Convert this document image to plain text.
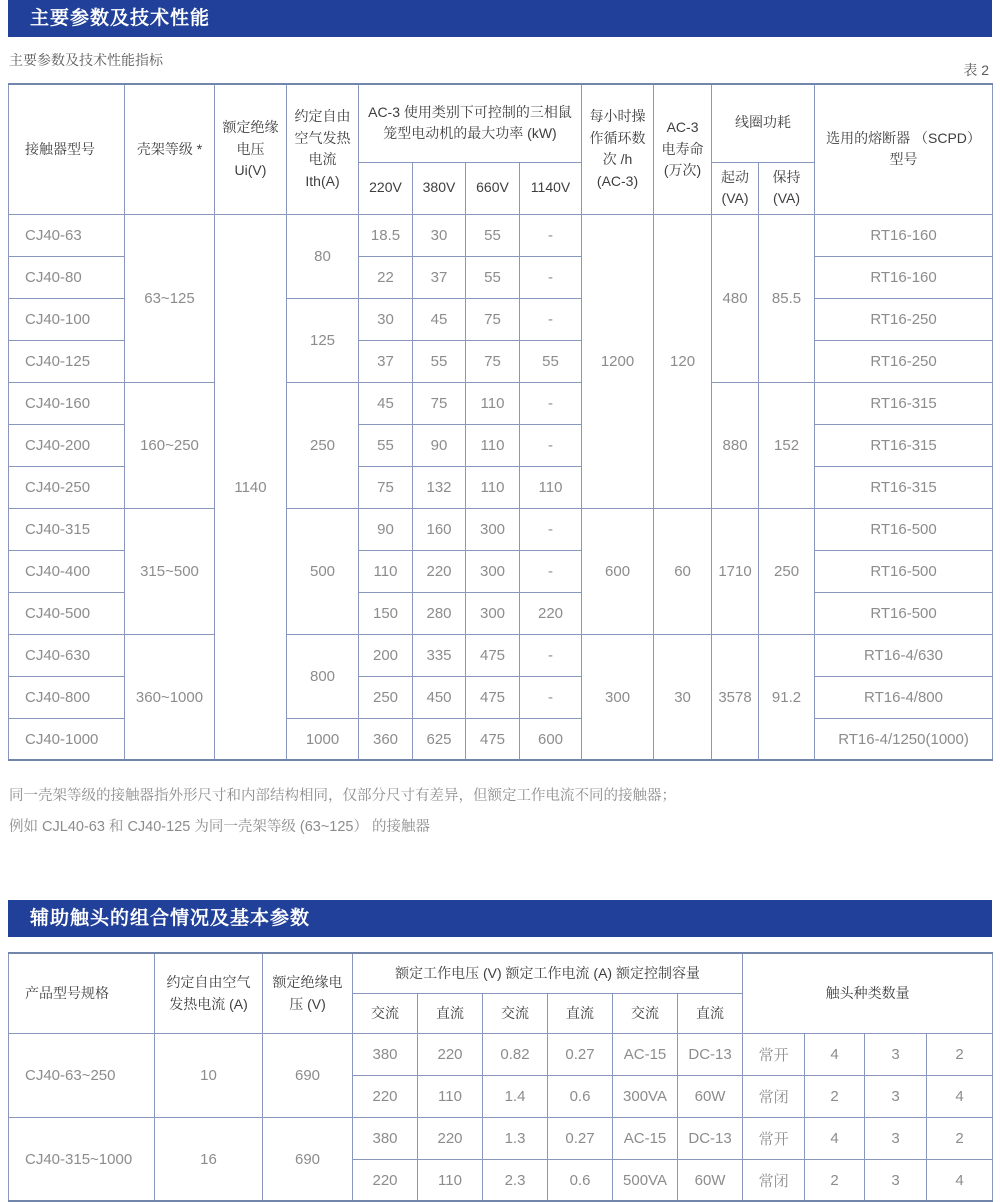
主要参数及技术性能
主要参数及技术性能指标
表 2
接触器型号	壳架等级 *	额定绝缘电压 Ui(V)	约定自由空气发热电流 Ith(A)	AC-3 使用类别下可控制的三相鼠笼型电动机的最大功率 (kW)				每小时操作循环数 次 /h (AC-3)	AC-3 电寿命 (万次)	线圈功耗		选用的熔断器 （SCPD）型号
				220V	380V	660V	1140V			起动 (VA)	保持 (VA)	
CJ40-63	63~125	1140	80	18.5	30	55	-	1200	120	480	85.5	RT16-160
CJ40-80				22	37	55	-					RT16-160
CJ40-100			125	30	45	75	-					RT16-250
CJ40-125				37	55	75	55					RT16-250
CJ40-160	160~250		250	45	75	110	-			880	152	RT16-315
CJ40-200				55	90	110	-					RT16-315
CJ40-250				75	132	110	110					RT16-315
CJ40-315	315~500		500	90	160	300	-	600	60	1710	250	RT16-500
CJ40-400				110	220	300	-					RT16-500
CJ40-500				150	280	300	220					RT16-500
CJ40-630	360~1000		800	200	335	475	-	300	30	3578	91.2	RT16-4/630
CJ40-800				250	450	475	-					RT16-4/800
CJ40-1000			1000	360	625	475	600					RT16-4/1250(1000)
同一壳架等级的接触器指外形尺寸和内部结构相同，仅部分尺寸有差异，但额定工作电流不同的接触器；
例如 CJL40-63 和 CJ40-125 为同一壳架等级 (63~125） 的接触器
辅助触头的组合情况及基本参数
产品型号规格	约定自由空气发热电流 (A)	额定绝缘电压 (V)	额定工作电压 (V) 额定工作电流 (A) 额定控制容量						触头种类数量			
			交流	直流	交流	直流	交流	直流				
CJ40-63~250	10	690	380	220	0.82	0.27	AC-15	DC-13	常开	4	3	2
			220	110	1.4	0.6	300VA	60W	常闭	2	3	4
CJ40-315~1000	16	690	380	220	1.3	0.27	AC-15	DC-13	常开	4	3	2
			220	110	2.3	0.6	500VA	60W	常闭	2	3	4
